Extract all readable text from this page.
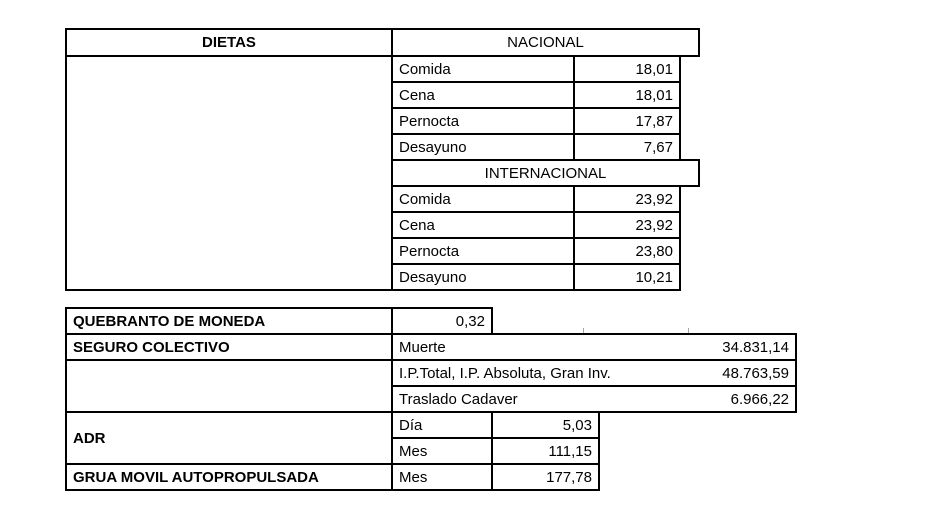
DIETAS	NACIONAL		
	Comida	18,01	
	Cena	18,01	
	Pernocta	17,87	
	Desayuno	7,67	
	INTERNACIONAL		
	Comida	23,92	
	Cena	23,92	
	Pernocta	23,80	
	Desayuno	10,21	
QUEBRANTO DE MONEDA	0,32		
SEGURO COLECTIVO	Muerte 34.831,14		

	I.P.Total, I.P. Absoluta, Gran Inv. 48.763,59		

	Traslado Cadaver 6.966,22		

ADR	Día	5,03	
	Mes	111,15	
GRUA MOVIL AUTOPROPULSADA	Mes	177,78	
